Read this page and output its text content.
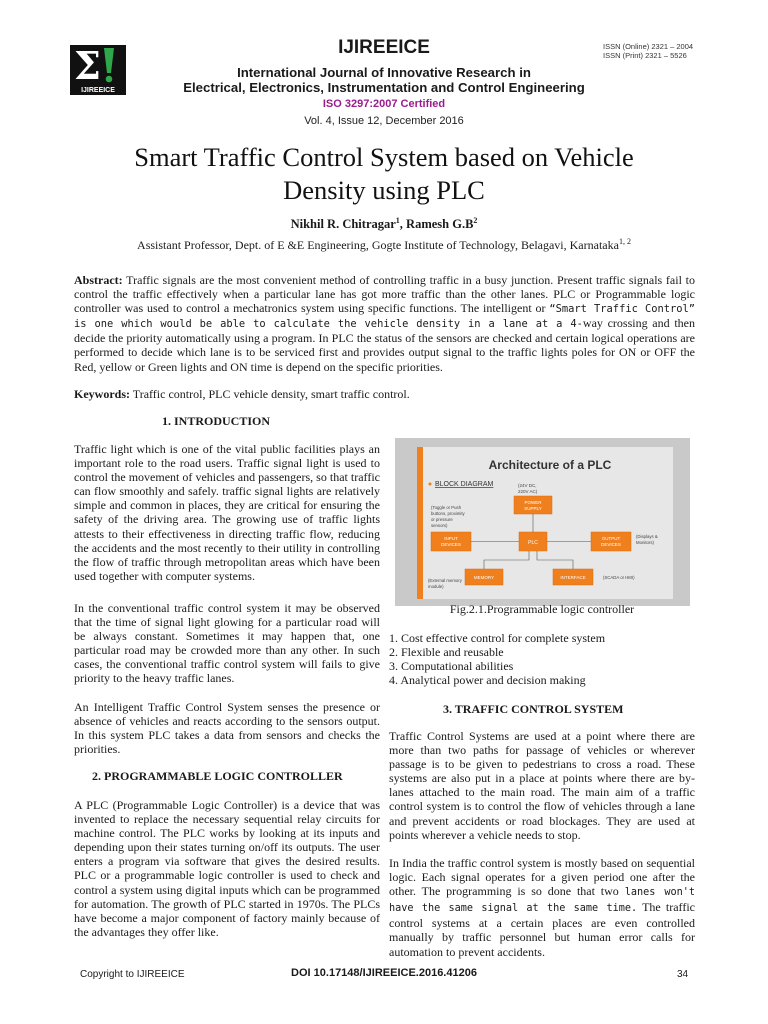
Σ
IJIREEICE
IJIREEICE	ISSN (Online) 2321 – 2004
ISSN (Print) 2321 – 5526
International Journal of Innovative Research in
Electrical, Electronics, Instrumentation and Control Engineering
ISO 3297:2007 Certified
Vol. 4, Issue 12, December 2016
Smart Traffic Control System based on Vehicle
Density using PLC
Nikhil R. Chitragar$^1$, Ramesh $G.B^2$
Assistant Professor, Dept. of E &E Engineering, Gogte Institute of Technology, Belagavi, Karnataka$^{1, 2}$
Abstract: Traffic signals are the most convenient method of controlling traffic in a busy junction. Present traffic signals fail to control the traffic effectively when a particular lane has got more traffic than the other lanes. PLC or Programmable logic controller was used to control a mechatronics system using specific functions. The intelligent or “Smart Traffic Control” is one which would be able to calculate the vehicle density in a lane at a 4-way crossing and then decide the priority automatically using a program. In PLC the status of the sensors are checked and certain logical operations are performed to decide which lane is to be serviced first and provides output signal to the traffic lights poles for ON or OFF the Red, yellow or Green lights and ON time is depend on the specific priorities.
Keywords: Traffic control, PLC vehicle density, smart traffic control.
1. INTRODUCTION

Traffic light which is one of the vital public facilities plays an important role to the road users. Traffic signal light is used to control the movement of vehicles and passengers, so that traffic can flow smoothly and safely. traffic signal lights are relatively simple and common in places, they are critical for ensuring the safety of the driving area. The growing use of traffic lights attests to their effectiveness in directing traffic flow, reducing the accidents and the most recently to their utility in controlling the flow of traffic through metropolitan areas which have been used together with computer systems.

In the conventional traffic control system it may be observed that the time of signal light glowing for a particular road will be always constant. Sometimes it may happen that, one particular road may be crowded more than any other. In such cases, the conventional traffic control system will fails to give priority to the heavy traffic lanes.

An Intelligent Traffic Control System senses the presence or absence of vehicles and reacts according to the sensors output. In this system PLC takes a data from sensors and checks the priorities.

2. PROGRAMMABLE LOGIC CONTROLLER

A PLC (Programmable Logic Controller) is a device that was invented to replace the necessary sequential relay circuits for machine control. The PLC works by looking at its inputs and depending upon their states turning on/off its outputs. The user enters a program via software that gives the desired results. PLC or a programmable logic controller is used to check and control a system using digital inputs which can be programmed for automation. The growth of PLC started in 1970s. The PLCs have become a major component of factory mainly because of the advantages they offer like.

Architecture of a PLC
BLOCK DIAGRAM	(24V DC,
220V AC)
POWER
SUPPLY
(Toggle or Push
buttons, proximity
or pressure
sensors)
INPUT
DEVICES	PLC
OUTPUT
DEVICES
(Displays &
Monitors)
MEMORY	INTERFACE
(External memory
module)
(SCADA or HMI)
Fig.2.1.Programmable logic controller
1. Cost effective control for complete system
2. Flexible and reusable
3. Computational abilities
4. Analytical power and decision making
3. TRAFFIC CONTROL SYSTEM

Traffic Control Systems are used at a point where there are more than two paths for passage of vehicles or wherever passage is to be given to pedestrians to cross a road. These systems are also put in a place at points where there are by-lanes attached to the main road. The main aim of a traffic control system is to control the flow of vehicles through a lane and prevent accidents or road blockages. They are used at points wherever a vehicle needs to stop.

In India the traffic control system is mostly based on sequential logic. Each signal operates for a given period one after the other. The programming is so done that two lanes won't have the same signal at the same time. The traffic control systems at a certain places are even controlled manually by traffic personnel but human error calls for automation to prevent accidents.

Copyright to IJIREEICE	DOI 10.17148/IJIREEICE.2016.41206	34
